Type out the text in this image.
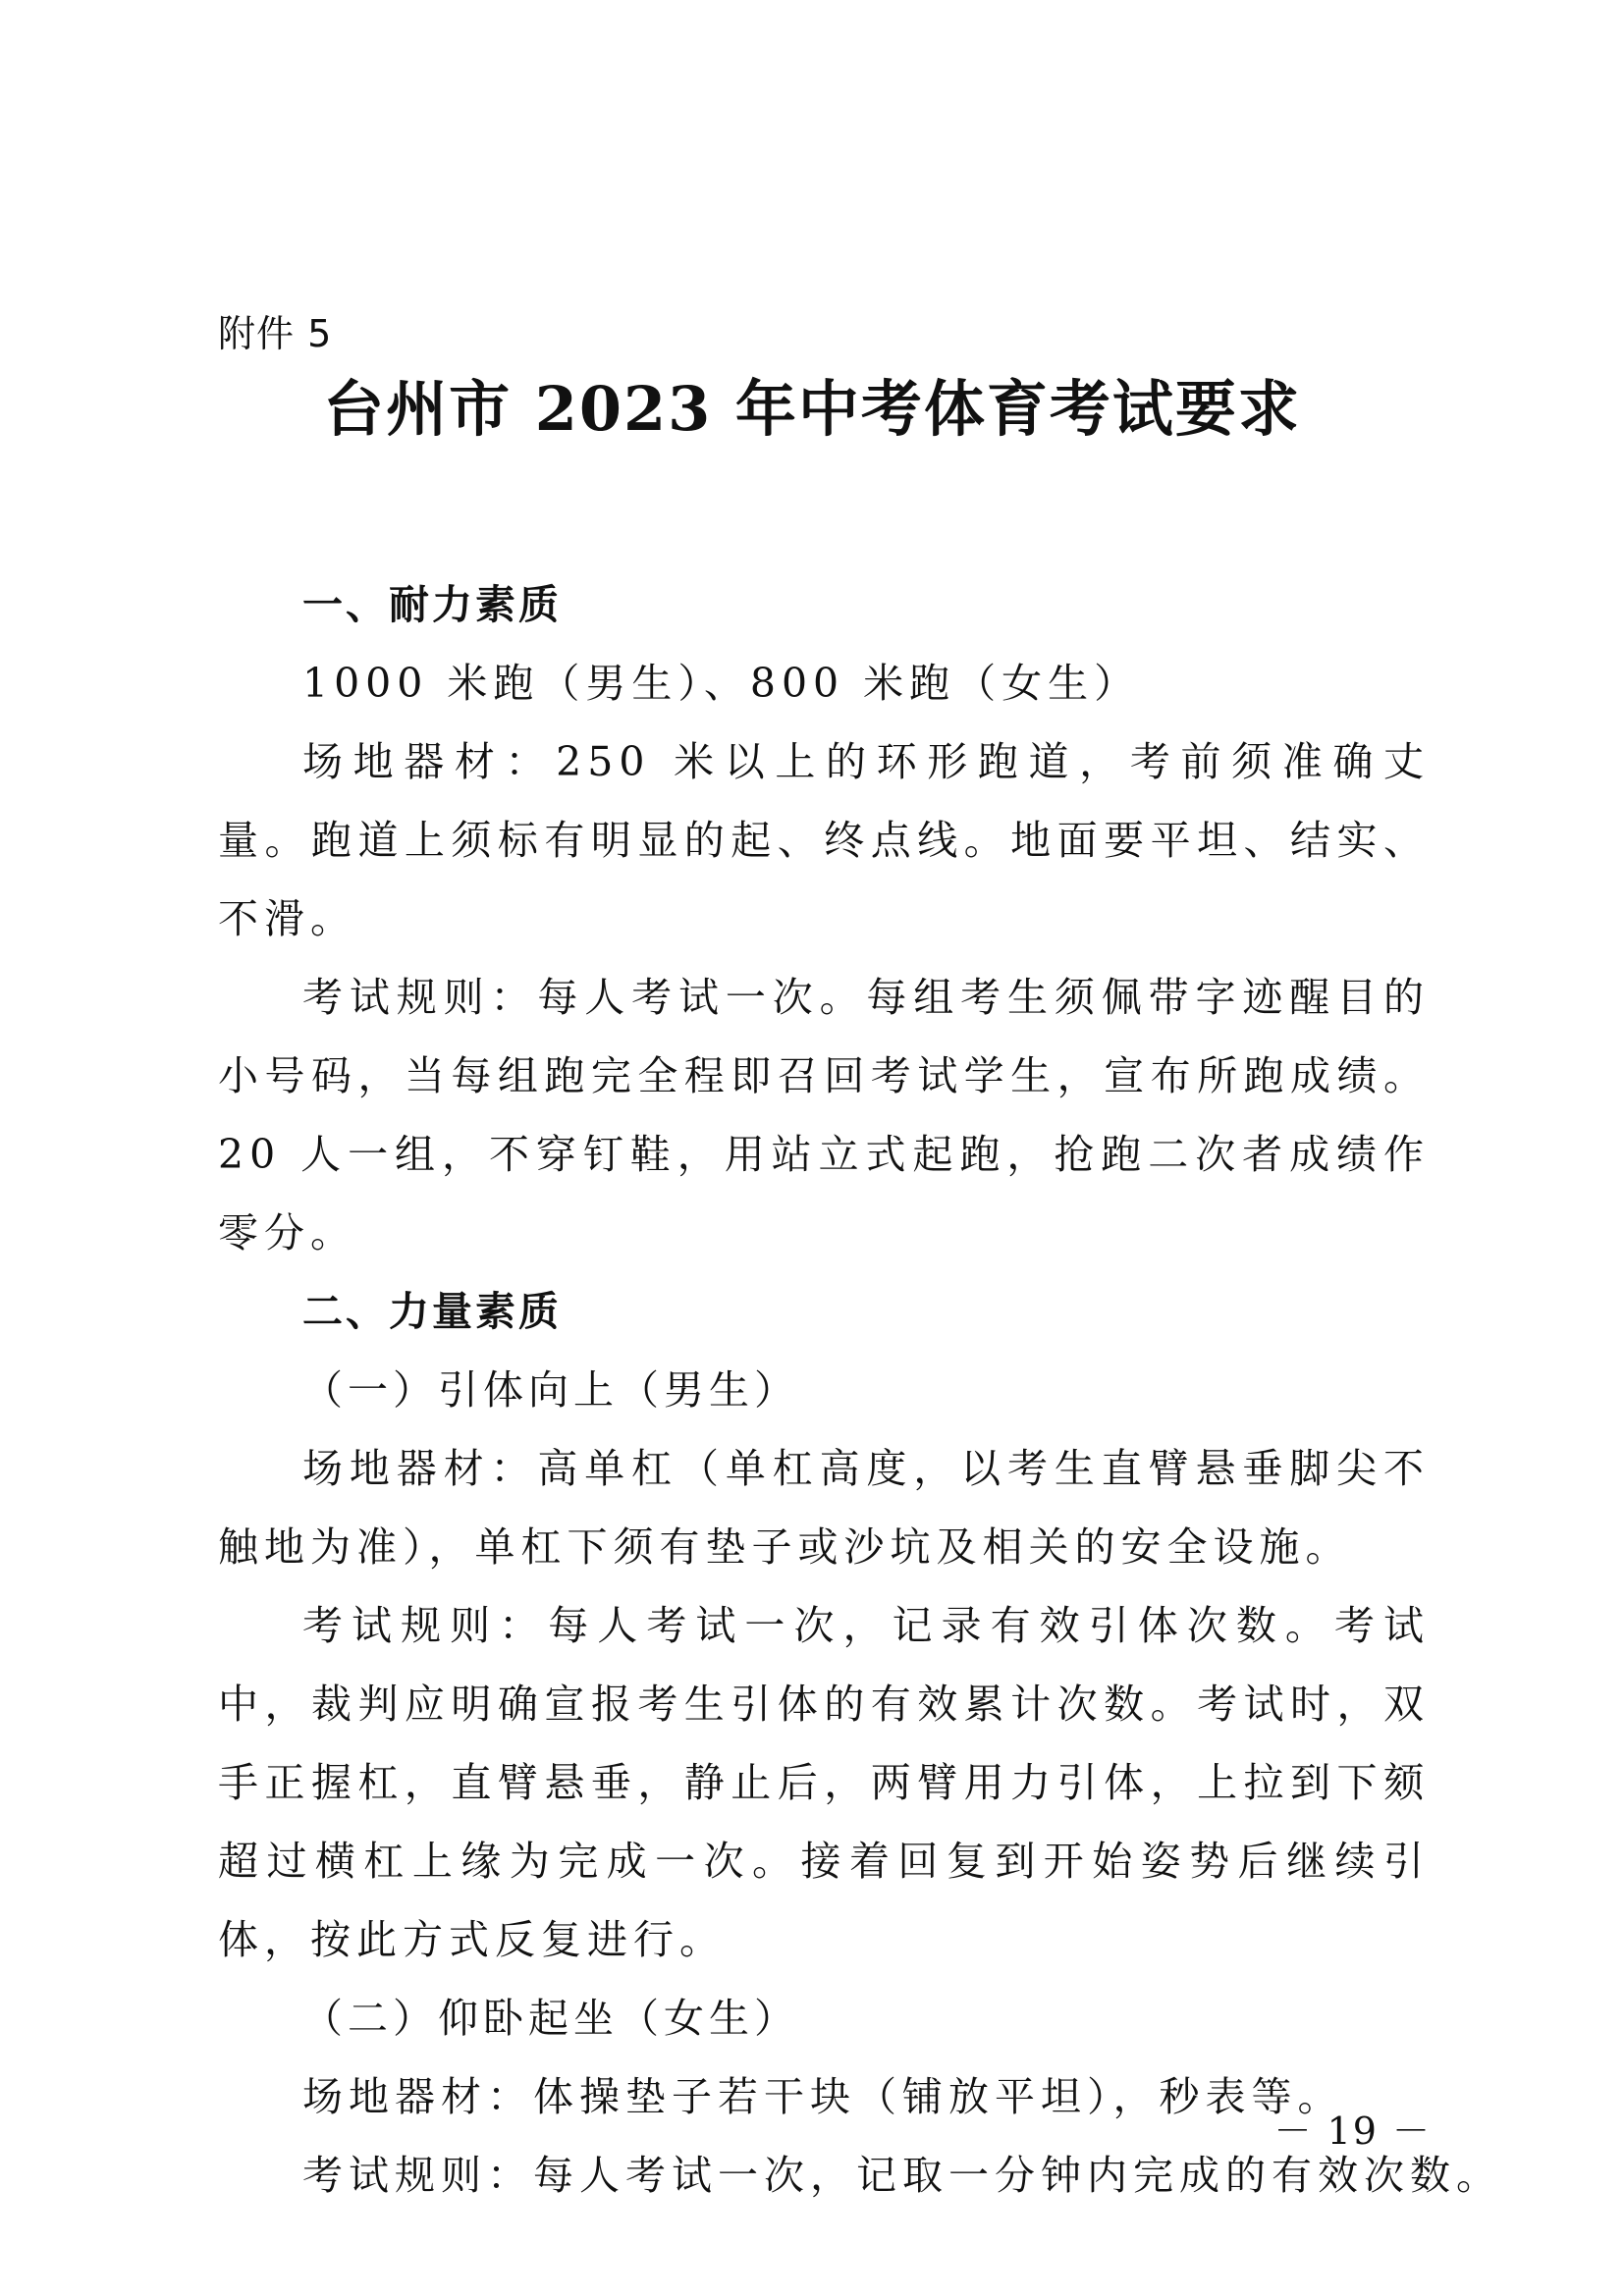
附件 5
台州市 2023 年中考体育考试要求
一、耐力素质
1000 米跑（男生）、800 米跑（女生）
场地器材：250 米以上的环形跑道，考前须准确丈量。跑道上须标有明显的起、终点线。地面要平坦、结实、不滑。
考试规则：每人考试一次。每组考生须佩带字迹醒目的小号码，当每组跑完全程即召回考试学生，宣布所跑成绩。20 人一组，不穿钉鞋，用站立式起跑，抢跑二次者成绩作零分。
二、力量素质
（一）引体向上（男生）
场地器材：高单杠（单杠高度，以考生直臂悬垂脚尖不触地为准），单杠下须有垫子或沙坑及相关的安全设施。
考试规则：每人考试一次，记录有效引体次数。考试中，裁判应明确宣报考生引体的有效累计次数。考试时，双手正握杠，直臂悬垂，静止后，两臂用力引体，上拉到下颏超过横杠上缘为完成一次。接着回复到开始姿势后继续引体，按此方式反复进行。
（二）仰卧起坐（女生）
场地器材：体操垫子若干块（铺放平坦），秒表等。
考试规则：每人考试一次，记取一分钟内完成的有效次数。
－ 19 －
